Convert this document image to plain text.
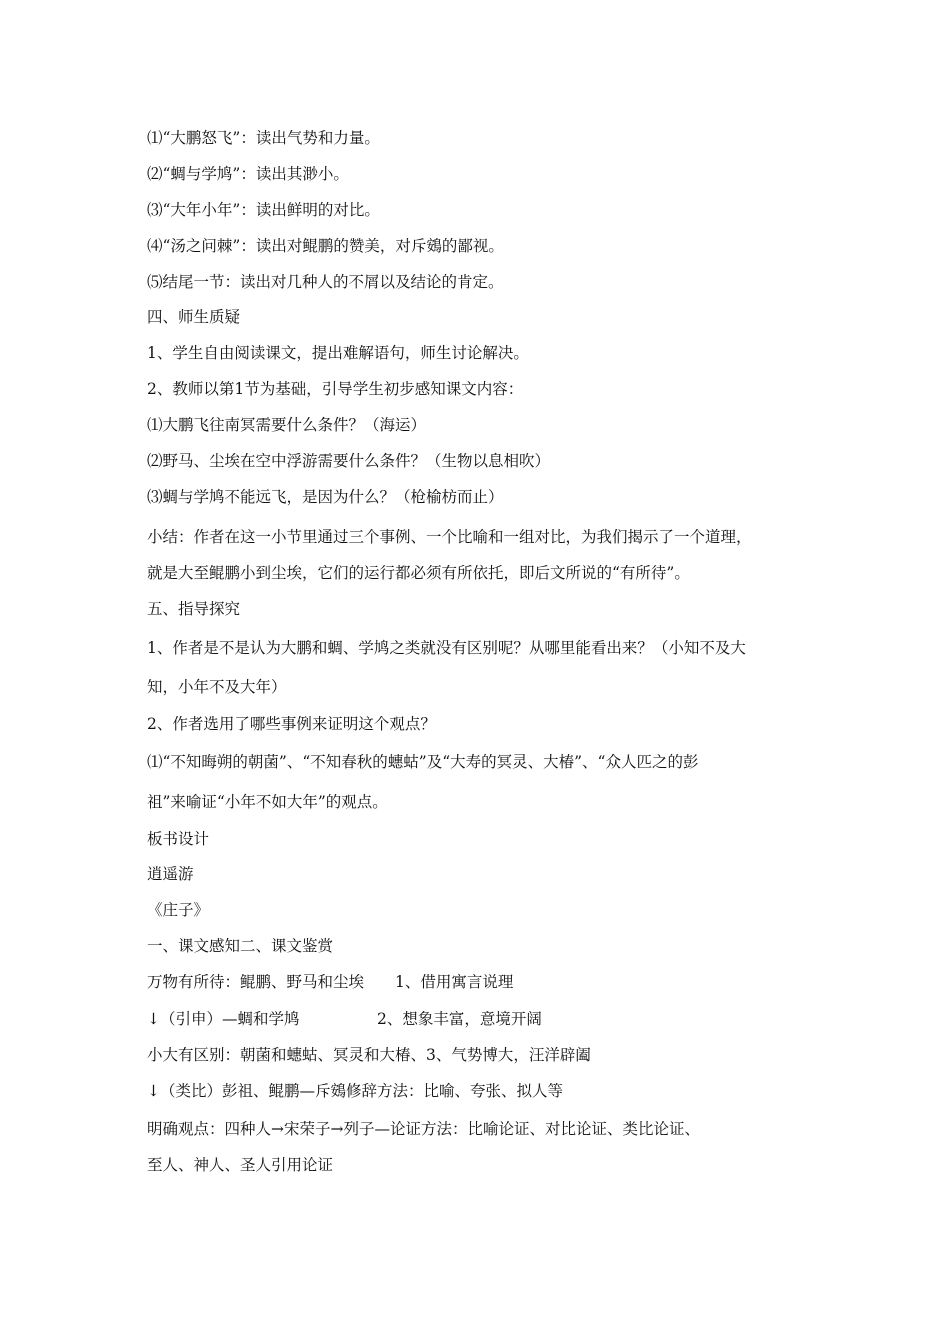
⑴“大鹏怒飞”：读出气势和力量。
⑵“蜩与学鸠”：读出其渺小。
⑶“大年小年”：读出鲜明的对比。
⑷“汤之问棘”：读出对鲲鹏的赞美，对斥鴳的鄙视。
⑸结尾一节：读出对几种人的不屑以及结论的肯定。
四、师生质疑
1、学生自由阅读课文，提出难解语句，师生讨论解决。
2、教师以第1节为基础，引导学生初步感知课文内容：
⑴大鹏飞往南冥需要什么条件？（海运）
⑵野马、尘埃在空中浮游需要什么条件？（生物以息相吹）
⑶蜩与学鸠不能远飞，是因为什么？（枪榆枋而止）
小结：作者在这一小节里通过三个事例、一个比喻和一组对比，为我们揭示了一个道理，
就是大至鲲鹏小到尘埃，它们的运行都必须有所依托，即后文所说的“有所待”。
五、指导探究
1、作者是不是认为大鹏和蜩、学鸠之类就没有区别呢？从哪里能看出来？（小知不及大
知，小年不及大年）
2、作者选用了哪些事例来证明这个观点？
⑴“不知晦朔的朝菌”、“不知春秋的蟪蛄”及“大寿的冥灵、大椿”、“众人匹之的彭
祖”来喻证“小年不如大年”的观点。
板书设计
逍遥游
《庄子》
一、课文感知二、课文鉴赏
万物有所待：鲲鹏、野马和尘埃　　1、借用寓言说理
↓（引申）—蜩和学鸠　　　　　2、想象丰富，意境开阔
小大有区别：朝菌和蟪蛄、冥灵和大椿、3、气势博大，汪洋辟阖
↓（类比）彭祖、鲲鹏—斥鴳修辞方法：比喻、夸张、拟人等
明确观点：四种人→宋荣子→列子—论证方法：比喻论证、对比论证、类比论证、
至人、神人、圣人引用论证
